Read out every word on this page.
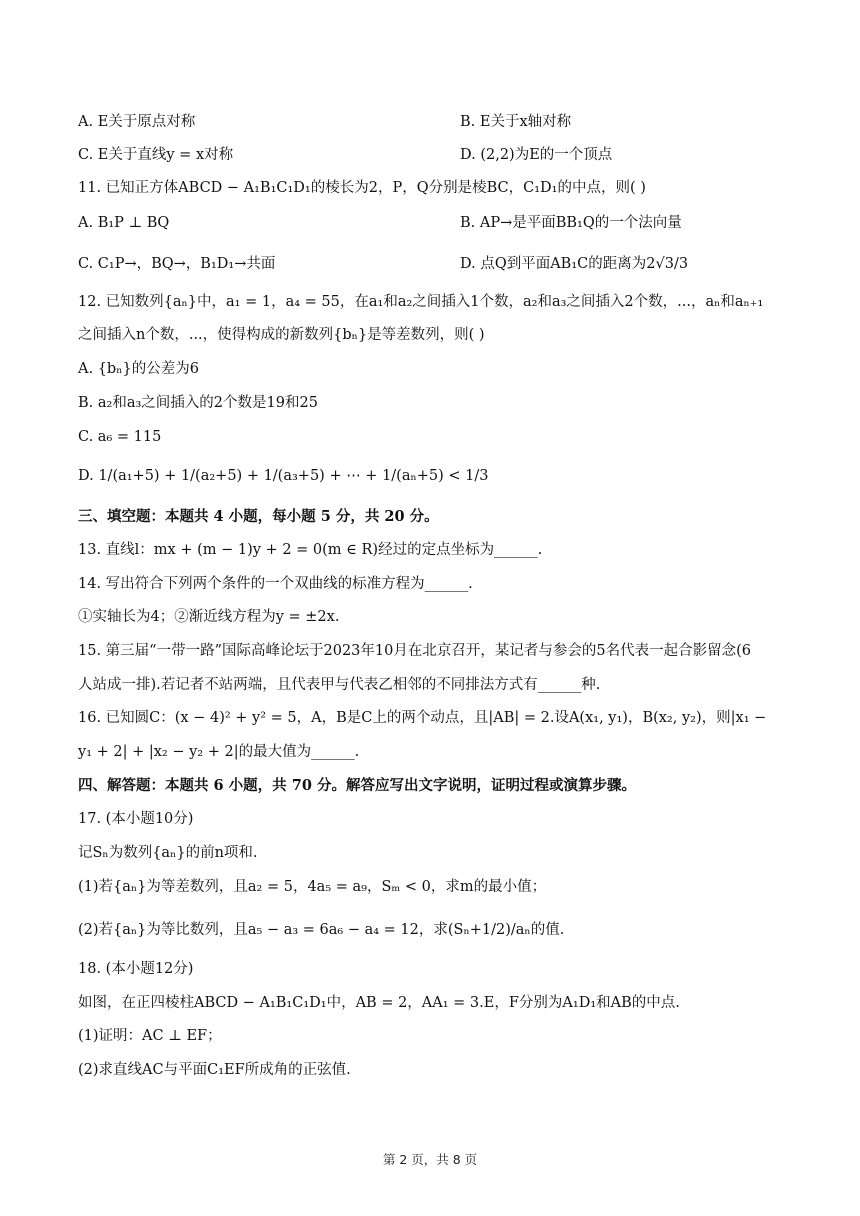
A. E关于原点对称	B. E关于x轴对称
C. E关于直线y = x对称	D. (2,2)为E的一个顶点
11. 已知正方体ABCD − A₁B₁C₁D₁的棱长为2，P，Q分别是棱BC，C₁D₁的中点，则( )
A. B₁P ⊥ BQ	B. AP→是平面BB₁Q的一个法向量
C. C₁P→，BQ→，B₁D₁→共面	D. 点Q到平面AB₁C的距离为2√3/3
12. 已知数列{aₙ}中，a₁ = 1，a₄ = 55，在a₁和a₂之间插入1个数，a₂和a₃之间插入2个数，...，aₙ和aₙ₊₁
之间插入n个数，...，使得构成的新数列{bₙ}是等差数列，则( )
A. {bₙ}的公差为6
B. a₂和a₃之间插入的2个数是19和25
C. a₆ = 115
D. 1/(a₁+5) + 1/(a₂+5) + 1/(a₃+5) + ⋯ + 1/(aₙ+5) < 1/3
三、填空题：本题共 4 小题，每小题 5 分，共 20 分。
13. 直线l：mx + (m − 1)y + 2 = 0(m ∈ R)经过的定点坐标为______.
14. 写出符合下列两个条件的一个双曲线的标准方程为______.
①实轴长为4；②渐近线方程为y = ±2x.
15. 第三届“一带一路”国际高峰论坛于2023年10月在北京召开，某记者与参会的5名代表一起合影留念(6
人站成一排).若记者不站两端，且代表甲与代表乙相邻的不同排法方式有______种.
16. 已知圆C：(x − 4)² + y² = 5，A，B是C上的两个动点，且|AB| = 2.设A(x₁, y₁)，B(x₂, y₂)，则|x₁ −
y₁ + 2| + |x₂ − y₂ + 2|的最大值为______.
四、解答题：本题共 6 小题，共 70 分。解答应写出文字说明，证明过程或演算步骤。
17. (本小题10分)
记Sₙ为数列{aₙ}的前n项和.
(1)若{aₙ}为等差数列，且a₂ = 5，4a₅ = a₉，Sₘ < 0，求m的最小值；
(2)若{aₙ}为等比数列，且a₅ − a₃ = 6a₆ − a₄ = 12，求(Sₙ+1/2)/aₙ的值.
18. (本小题12分)
如图，在正四棱柱ABCD − A₁B₁C₁D₁中，AB = 2，AA₁ = 3.E，F分别为A₁D₁和AB的中点.
(1)证明：AC ⊥ EF；
(2)求直线AC与平面C₁EF所成角的正弦值.
第 2 页，共 8 页
